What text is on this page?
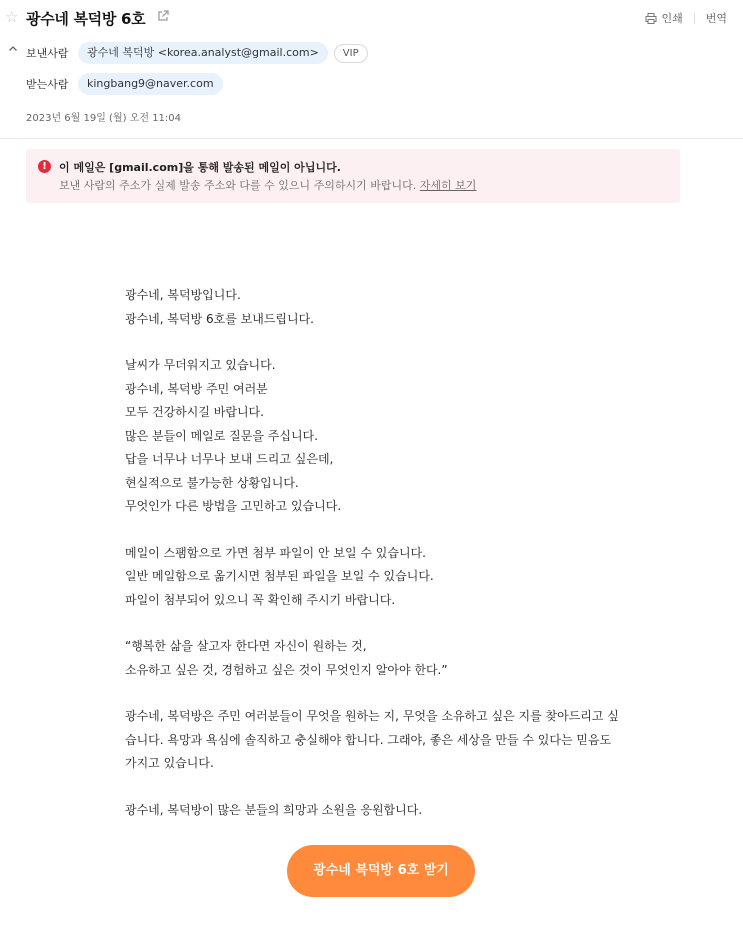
☆ 광수네 복덕방 6호	인쇄 번역
보낸사람	광수네 복덕방 <korea.analyst@gmail.com>	VIP
받는사람	kingbang9@naver.com
2023년 6월 19일 (월) 오전 11:04
!	이 메일은 [gmail.com]을 통해 발송된 메일이 아닙니다.
보낸 사람의 주소가 실제 발송 주소와 다를 수 있으니 주의하시기 바랍니다. 자세히 보기

광수네, 복덕방입니다.
광수네, 복덕방 6호를 보내드립니다.

날씨가 무더워지고 있습니다.
광수네, 복덕방 주민 여러분
모두 건강하시길 바랍니다.
많은 분들이 메일로 질문을 주십니다.
답을 너무나 너무나 보내 드리고 싶은데,
현실적으로 불가능한 상황입니다.
무엇인가 다른 방법을 고민하고 있습니다.

메일이 스팸함으로 가면 첨부 파일이 안 보일 수 있습니다.
일반 메일함으로 옮기시면 첨부된 파일을 보일 수 있습니다.
파일이 첨부되어 있으니 꼭 확인해 주시기 바랍니다.

“행복한 삶을 살고자 한다면 자신이 원하는 것,
소유하고 싶은 것, 경험하고 싶은 것이 무엇인지 알아야 한다.”

광수네, 복덕방은 주민 여러분들이 무엇을 원하는 지, 무엇을 소유하고 싶은 지를 찾아드리고 싶
습니다. 욕망과 욕심에 솔직하고 충실해야 합니다. 그래야, 좋은 세상을 만들 수 있다는 믿음도
가지고 있습니다.

광수네, 복덕방이 많은 분들의 희망과 소원을 응원합니다.

광수네 복덕방 6호 받기
